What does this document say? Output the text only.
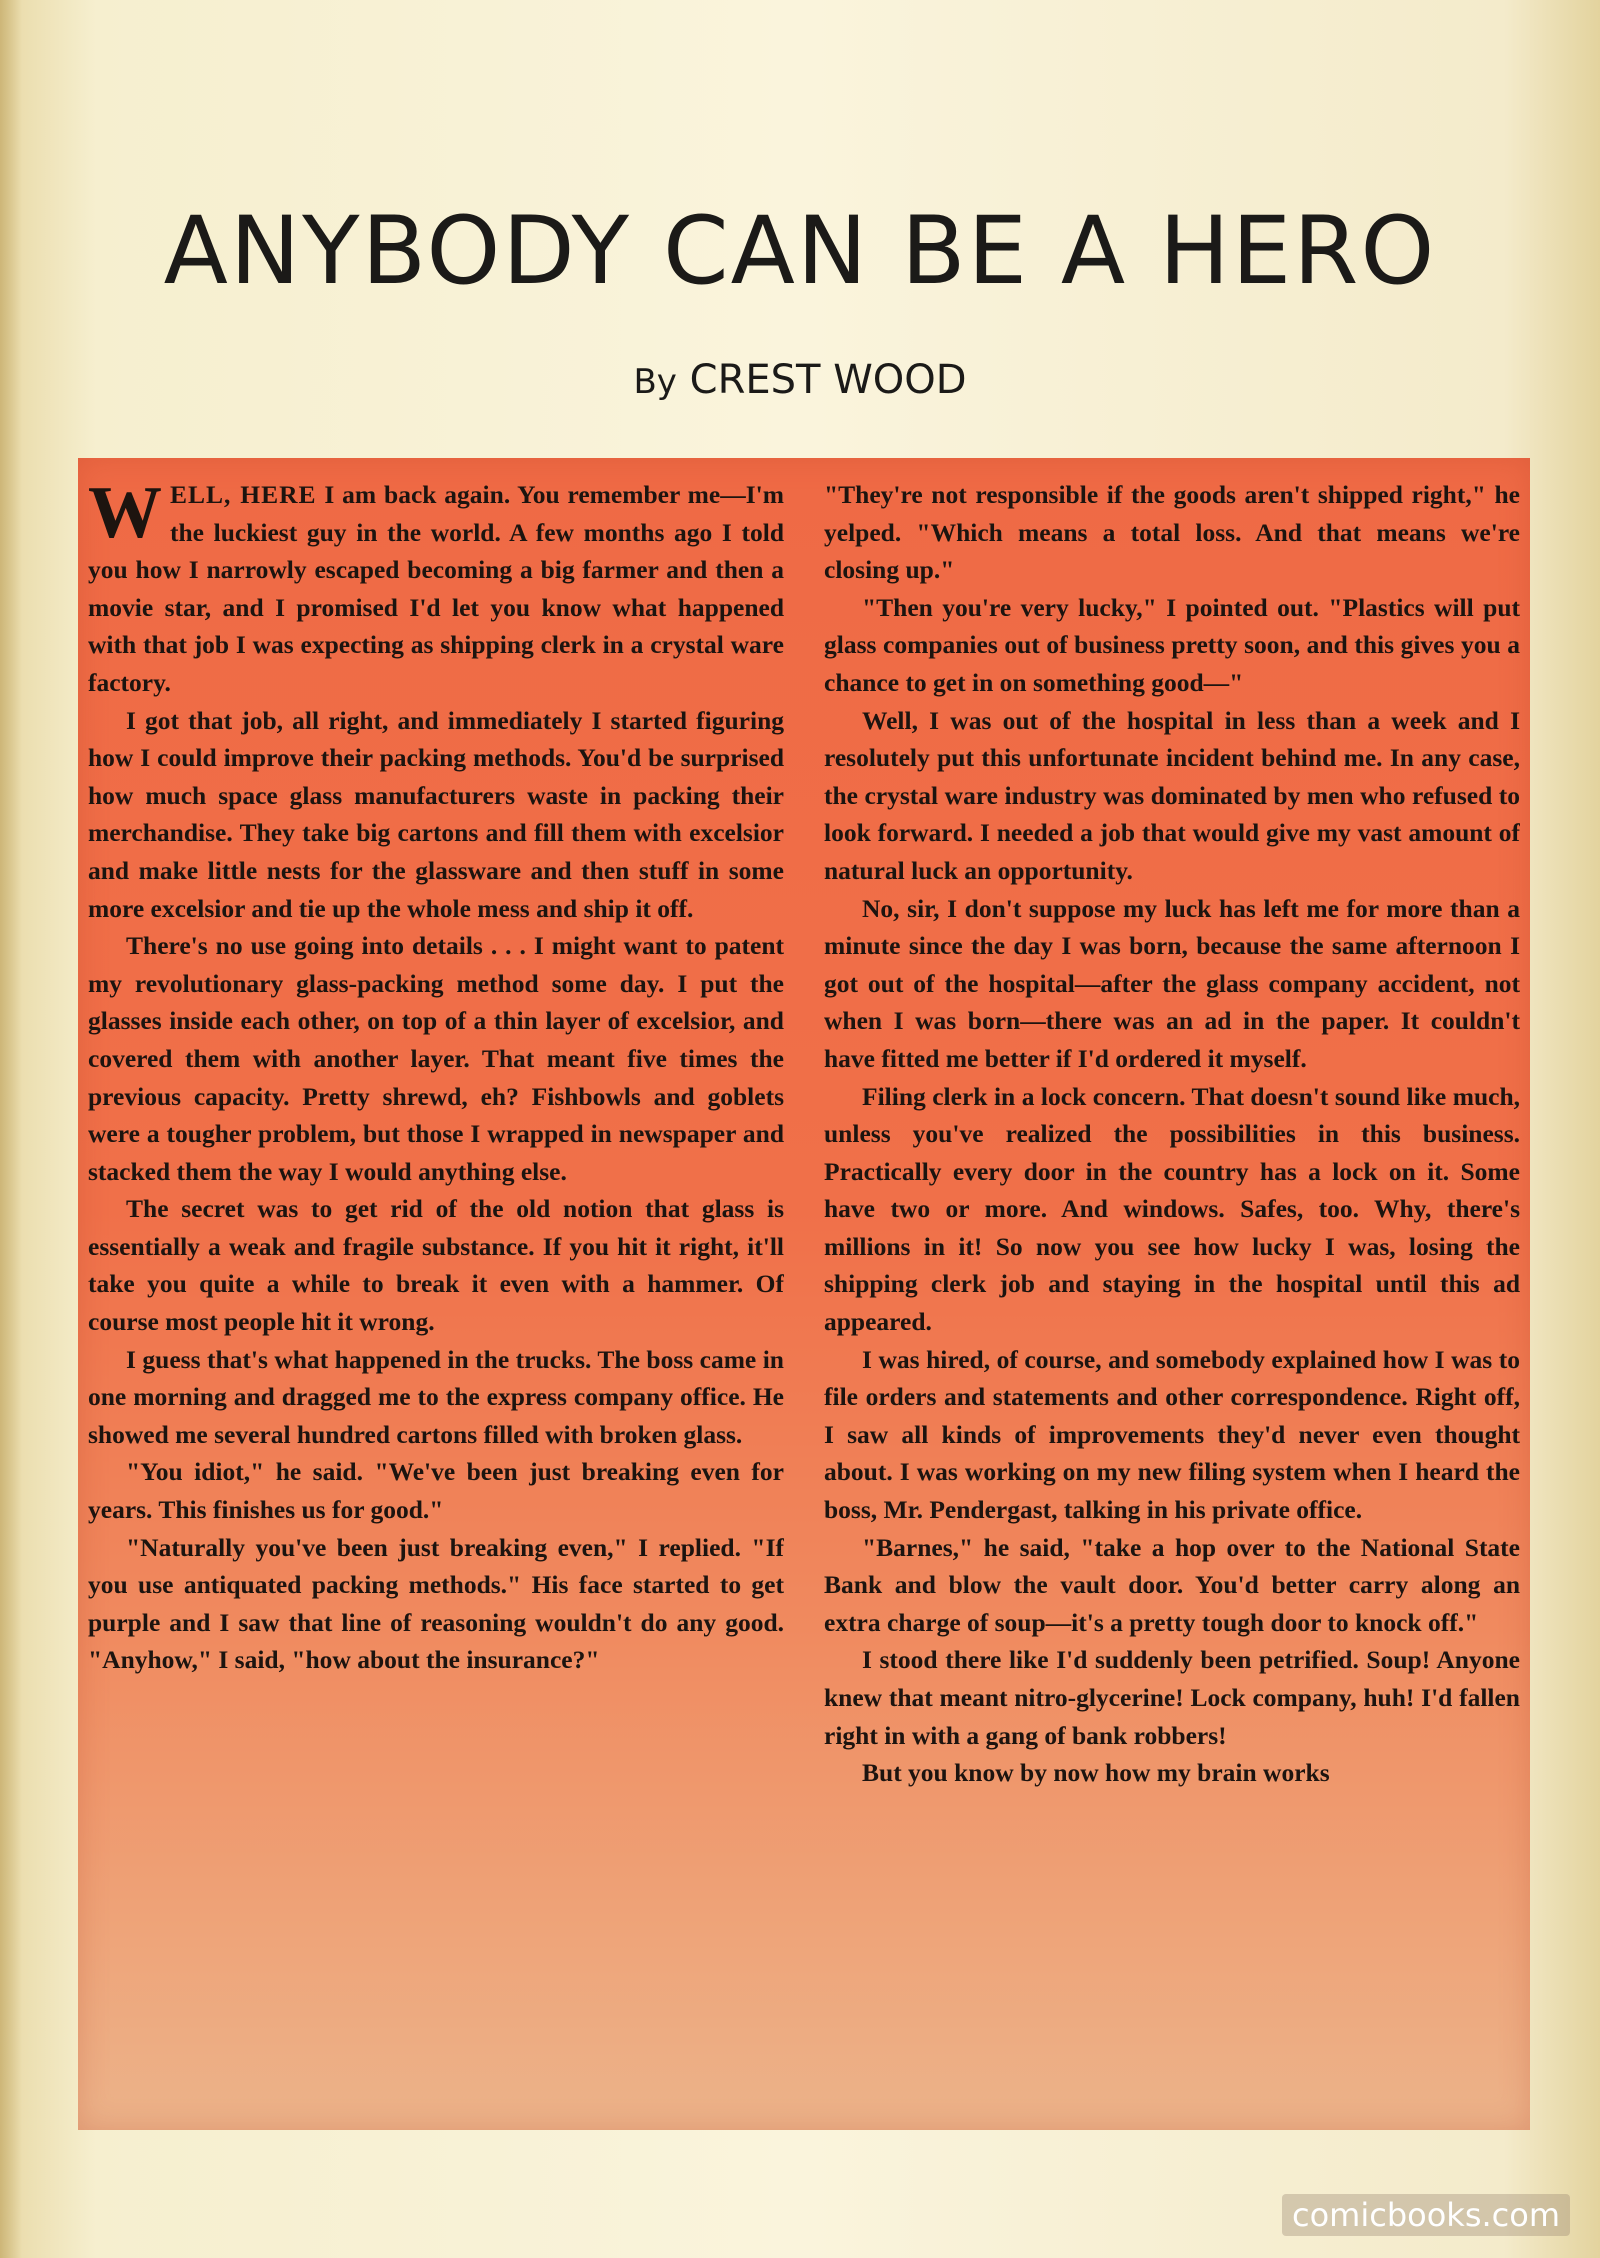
ANYBODY CAN BE A HERO
By CREST WOOD

WELL, HERE I am back again. You remember me—I'm the luckiest guy in the world. A few months ago I told you how I narrowly escaped becoming a big farmer and then a movie star, and I promised I'd let you know what happened with that job I was expecting as shipping clerk in a crystal ware factory.

I got that job, all right, and immediately I started figuring how I could improve their packing methods. You'd be surprised how much space glass manufacturers waste in packing their merchandise. They take big cartons and fill them with excelsior and make little nests for the glassware and then stuff in some more excelsior and tie up the whole mess and ship it off.

There's no use going into details . . . I might want to patent my revolutionary glass-packing method some day. I put the glasses inside each other, on top of a thin layer of excelsior, and covered them with another layer. That meant five times the previous capacity. Pretty shrewd, eh? Fishbowls and goblets were a tougher problem, but those I wrapped in newspaper and stacked them the way I would anything else.

The secret was to get rid of the old notion that glass is essentially a weak and fragile substance. If you hit it right, it'll take you quite a while to break it even with a hammer. Of course most people hit it wrong.

I guess that's what happened in the trucks. The boss came in one morning and dragged me to the express company office. He showed me several hundred cartons filled with broken glass.

"You idiot," he said. "We've been just breaking even for years. This finishes us for good."

"Naturally you've been just breaking even," I replied. "If you use antiquated packing methods." His face started to get purple and I saw that line of reasoning wouldn't do any good. "Anyhow," I said, "how about the insurance?"

"They're not responsible if the goods aren't shipped right," he yelped. "Which means a total loss. And that means we're closing up."

"Then you're very lucky," I pointed out. "Plastics will put glass companies out of business pretty soon, and this gives you a chance to get in on something good—"

Well, I was out of the hospital in less than a week and I resolutely put this unfortunate incident behind me. In any case, the crystal ware industry was dominated by men who refused to look forward. I needed a job that would give my vast amount of natural luck an opportunity.

No, sir, I don't suppose my luck has left me for more than a minute since the day I was born, because the same afternoon I got out of the hospital—after the glass company accident, not when I was born—there was an ad in the paper. It couldn't have fitted me better if I'd ordered it myself.

Filing clerk in a lock concern. That doesn't sound like much, unless you've realized the possibilities in this business. Practically every door in the country has a lock on it. Some have two or more. And windows. Safes, too. Why, there's millions in it! So now you see how lucky I was, losing the shipping clerk job and staying in the hospital until this ad appeared.

I was hired, of course, and somebody explained how I was to file orders and statements and other correspondence. Right off, I saw all kinds of improvements they'd never even thought about. I was working on my new filing system when I heard the boss, Mr. Pendergast, talking in his private office.

"Barnes," he said, "take a hop over to the National State Bank and blow the vault door. You'd better carry along an extra charge of soup—it's a pretty tough door to knock off."

I stood there like I'd suddenly been petrified. Soup! Anyone knew that meant nitro-glycerine! Lock company, huh! I'd fallen right in with a gang of bank robbers!

But you know by now how my brain works

comicbooks.com
